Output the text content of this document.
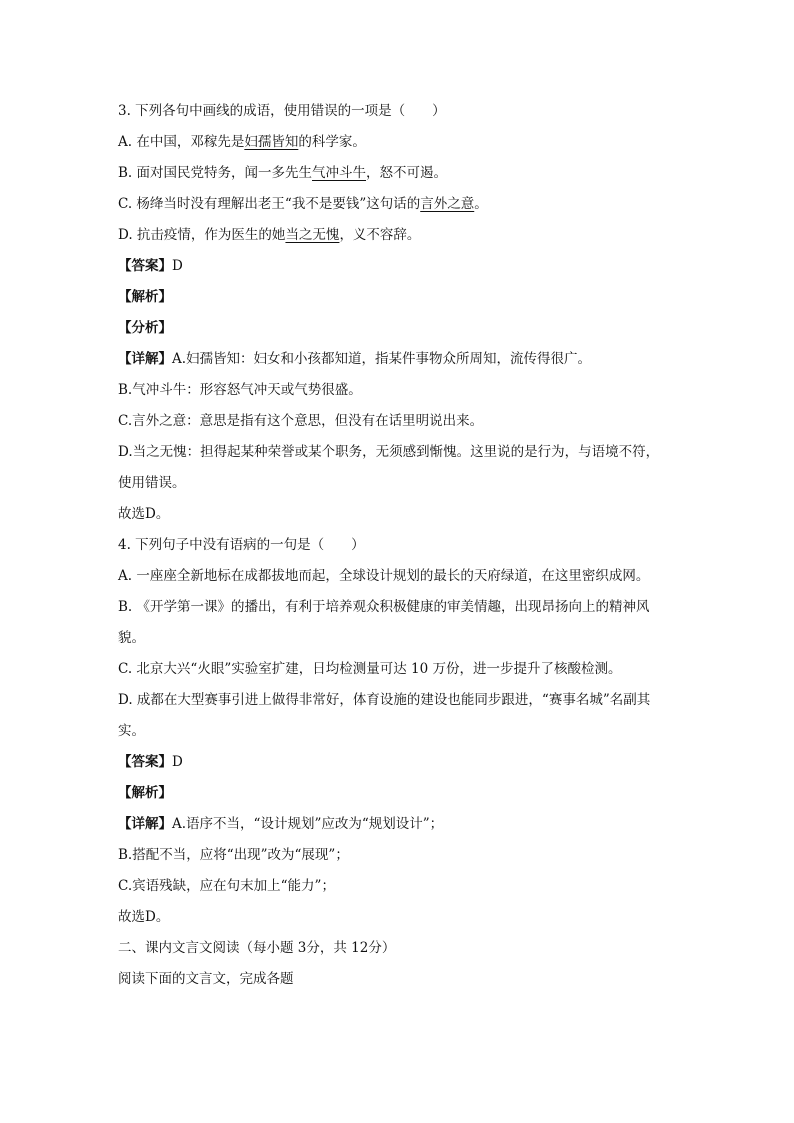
3. 下列各句中画线的成语，使用错误的一项是（　　）

A. 在中国，邓稼先是妇孺皆知的科学家。

B. 面对国民党特务，闻一多先生气冲斗牛，怒不可遏。

C. 杨绛当时没有理解出老王“我不是要钱”这句话的言外之意。

D. 抗击疫情，作为医生的她当之无愧，义不容辞。

【答案】D

【解析】

【分析】

【详解】A.妇孺皆知：妇女和小孩都知道，指某件事物众所周知，流传得很广。

B.气冲斗牛：形容怒气冲天或气势很盛。

C.言外之意：意思是指有这个意思，但没有在话里明说出来。

D.当之无愧：担得起某种荣誉或某个职务，无须感到惭愧。这里说的是行为，与语境不符，

使用错误。

故选D。

4. 下列句子中没有语病的一句是（　　）

A. 一座座全新地标在成都拔地而起，全球设计规划的最长的天府绿道，在这里密织成网。

B. 《开学第一课》的播出，有利于培养观众积极健康的审美情趣，出现昂扬向上的精神风

貌。

C. 北京大兴“火眼”实验室扩建，日均检测量可达 10 万份，进一步提升了核酸检测。

D. 成都在大型赛事引进上做得非常好，体育设施的建设也能同步跟进，“赛事名城”名副其

实。

【答案】D

【解析】

【详解】A.语序不当，“设计规划”应改为“规划设计”；

B.搭配不当，应将“出现”改为“展现”；

C.宾语残缺，应在句末加上“能力”；

故选D。

二、课内文言文阅读（每小题 3分，共 12分）

阅读下面的文言文，完成各题
